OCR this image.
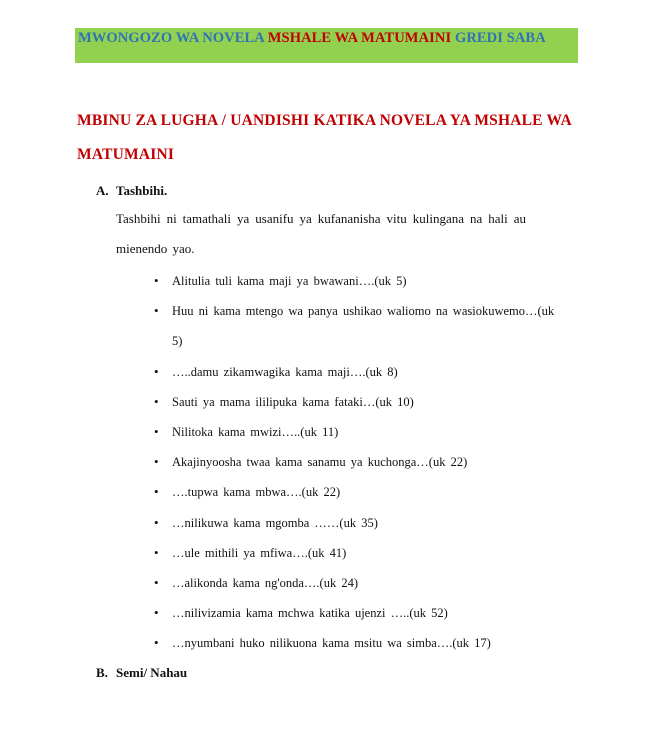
MWONGOZO WA NOVELA MSHALE WA MATUMAINI GREDI SABA
MBINU ZA LUGHA / UANDISHI KATIKA NOVELA YA MSHALE WA MATUMAINI
A. Tashbihi.
Tashbihi ni tamathali ya usanifu ya kufananisha vitu kulingana na hali au mienendo yao.
• Alitulia tuli kama maji ya bwawani….(uk 5)
• Huu ni kama mtengo wa panya ushikao waliomo na wasiokuwemo…(uk 5)
• …..damu zikamwagika kama maji….(uk 8)
• Sauti ya mama ililipuka kama fataki…(uk 10)
• Nilitoka kama mwizi…..(uk 11)
• Akajinyoosha twaa kama sanamu ya kuchonga…(uk 22)
• ….tupwa kama mbwa….(uk 22)
• …nilikuwa kama mgomba ……(uk 35)
• …ule mithili ya mfiwa….(uk 41)
• …alikonda kama ng'onda….(uk 24)
• …nilivizamia kama mchwa katika ujenzi …..(uk 52)
• …nyumbani huko nilikuona kama msitu wa simba….(uk 17)
B. Semi/ Nahau
